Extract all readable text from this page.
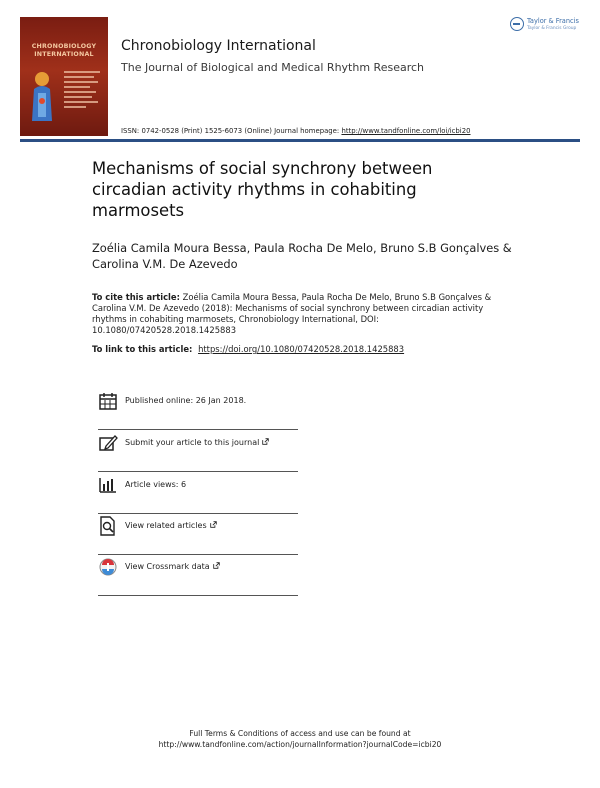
CHRONOBIOLOGY INTERNATIONAL	Chronobiology International
The Journal of Biological and Medical Rhythm Research
ISSN: 0742-0528 (Print) 1525-6073 (Online) Journal homepage: http://www.tandfonline.com/loi/icbi20
Taylor & Francis
Taylor & Francis Group
Mechanisms of social synchrony between circadian activity rhythms in cohabiting marmosets
Zoélia Camila Moura Bessa, Paula Rocha De Melo, Bruno S.B Gonçalves & Carolina V.M. De Azevedo
To cite this article: Zoélia Camila Moura Bessa, Paula Rocha De Melo, Bruno S.B Gonçalves & Carolina V.M. De Azevedo (2018): Mechanisms of social synchrony between circadian activity rhythms in cohabiting marmosets, Chronobiology International, DOI: 10.1080/07420528.2018.1425883
To link to this article: https://doi.org/10.1080/07420528.2018.1425883
Published online: 26 Jan 2018.
Submit your article to this journal
Article views: 6
View related articles
View Crossmark data
Full Terms & Conditions of access and use can be found at
http://www.tandfonline.com/action/journalInformation?journalCode=icbi20
